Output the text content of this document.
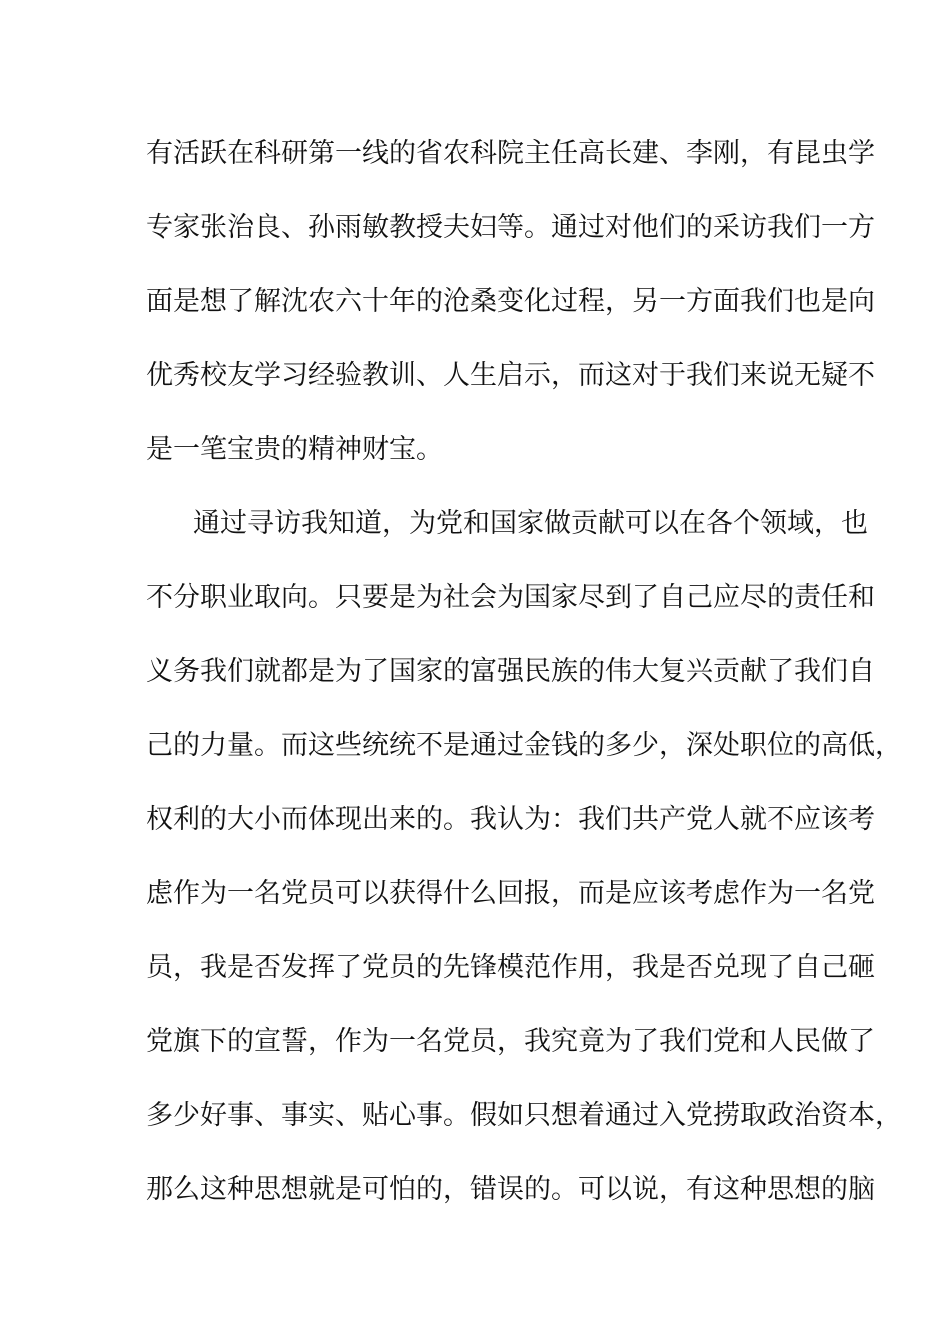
有活跃在科研第一线的省农科院主任高长建、李刚，有昆虫学
专家张治良、孙雨敏教授夫妇等。通过对他们的采访我们一方
面是想了解沈农六十年的沧桑变化过程，另一方面我们也是向
优秀校友学习经验教训、人生启示，而这对于我们来说无疑不
是一笔宝贵的精神财宝。
通过寻访我知道，为党和国家做贡献可以在各个领域，也
不分职业取向。只要是为社会为国家尽到了自己应尽的责任和
义务我们就都是为了国家的富强民族的伟大复兴贡献了我们自
己的力量。而这些统统不是通过金钱的多少，深处职位的高低，
权利的大小而体现出来的。我认为：我们共产党人就不应该考
虑作为一名党员可以获得什么回报，而是应该考虑作为一名党
员，我是否发挥了党员的先锋模范作用，我是否兑现了自己砸
党旗下的宣誓，作为一名党员，我究竟为了我们党和人民做了
多少好事、事实、贴心事。假如只想着通过入党捞取政治资本，
那么这种思想就是可怕的，错误的。可以说，有这种思想的脑
